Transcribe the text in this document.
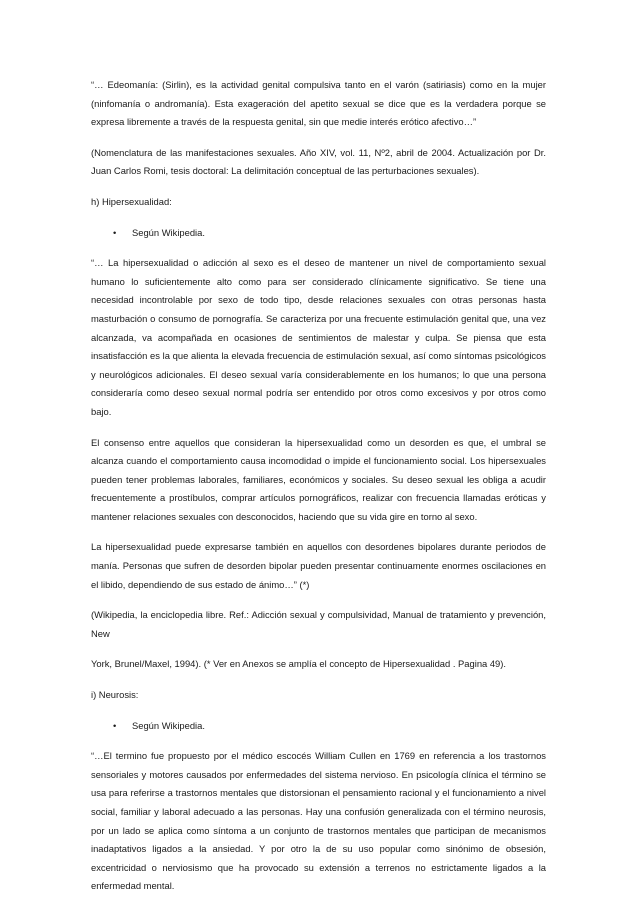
“… Edeomanía: (Sirlin), es la actividad genital compulsiva tanto en el varón (satiriasis) como en la mujer (ninfomanía o andromanía). Esta exageración del apetito sexual se dice que es la verdadera porque se expresa libremente a través de la respuesta genital, sin que medie interés erótico afectivo…”

(Nomenclatura de las manifestaciones sexuales. Año XIV, vol. 11, Nº2, abril de 2004. Actualización por Dr. Juan Carlos Romi, tesis doctoral: La delimitación conceptual de las perturbaciones sexuales).

h) Hipersexualidad:

• Según Wikipedia.

“… La hipersexualidad o adicción al sexo es el deseo de mantener un nivel de comportamiento sexual humano lo suficientemente alto como para ser considerado clínicamente significativo. Se tiene una necesidad incontrolable por sexo de todo tipo, desde relaciones sexuales con otras personas hasta masturbación o consumo de pornografía. Se caracteriza por una frecuente estimulación genital que, una vez alcanzada, va acompañada en ocasiones de sentimientos de malestar y culpa. Se piensa que esta insatisfacción es la que alienta la elevada frecuencia de estimulación sexual, así como síntomas psicológicos y neurológicos adicionales. El deseo sexual varía considerablemente en los humanos; lo que una persona consideraría como deseo sexual normal podría ser entendido por otros como excesivos y por otros como bajo.

El consenso entre aquellos que consideran la hipersexualidad como un desorden es que, el umbral se alcanza cuando el comportamiento causa incomodidad o impide el funcionamiento social. Los hipersexuales pueden tener problemas laborales, familiares, económicos y sociales. Su deseo sexual les obliga a acudir frecuentemente a prostíbulos, comprar artículos pornográficos, realizar con frecuencia llamadas eróticas y mantener relaciones sexuales con desconocidos, haciendo que su vida gire en torno al sexo.

La hipersexualidad puede expresarse también en aquellos con desordenes bipolares durante periodos de manía. Personas que sufren de desorden bipolar pueden presentar continuamente enormes oscilaciones en el libido, dependiendo de sus estado de ánimo…” (*)

(Wikipedia, la enciclopedia libre. Ref.: Adicción sexual y compulsividad, Manual de tratamiento y prevención, New

York, Brunel/Maxel, 1994). (* Ver en Anexos se amplía el concepto de Hipersexualidad . Pagina 49).

i) Neurosis:

• Según Wikipedia.

“…El termino fue propuesto por el médico escocés William Cullen en 1769 en referencia a los trastornos sensoriales y motores causados por enfermedades del sistema nervioso. En psicología clínica el término se usa para referirse a trastornos mentales que distorsionan el pensamiento racional y el funcionamiento a nivel social, familiar y laboral adecuado a las personas. Hay una confusión generalizada con el término neurosis, por un lado se aplica como síntoma a un conjunto de trastornos mentales que participan de mecanismos inadaptativos ligados a la ansiedad. Y por otro la de su uso popular como sinónimo de obsesión, excentricidad o nerviosismo que ha provocado su extensión a terrenos no estrictamente ligados a la enfermedad mental.
